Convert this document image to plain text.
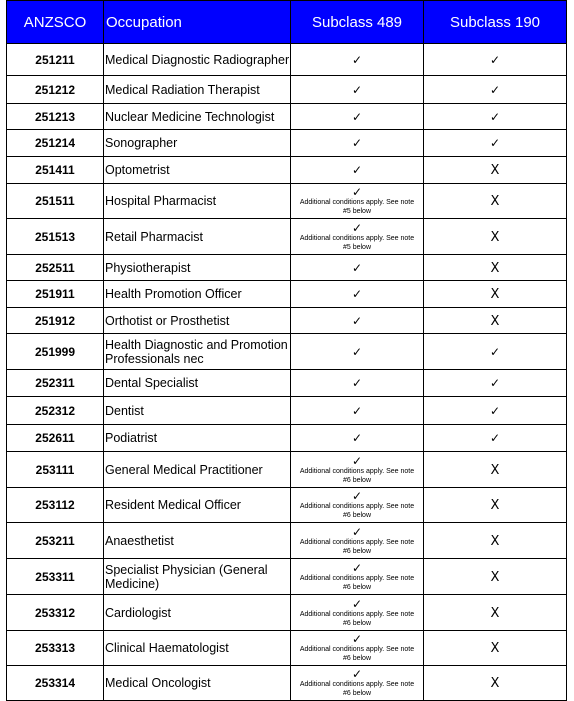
ANZSCO	Occupation	Subclass 489	Subclass 190
251211	Medical Diagnostic Radiographer	✓	✓

251212	Medical Radiation Therapist	✓	✓

251213	Nuclear Medicine Technologist	✓	✓

251214	Sonographer	✓	✓

251411	Optometrist	✓	X
251511	Hospital Pharmacist	✓
Additional conditions apply. See note
#5 below	X
251513	Retail Pharmacist	✓
Additional conditions apply. See note
#5 below	X
252511	Physiotherapist	✓	X
251911	Health Promotion Officer	✓	X
251912	Orthotist or Prosthetist	✓	X
251999	Health Diagnostic and Promotion Professionals nec	✓	✓

252311	Dental Specialist	✓	✓

252312	Dentist	✓	✓

252611	Podiatrist	✓	✓

253111	General Medical Practitioner	✓
Additional conditions apply. See note
#6 below	X
253112	Resident Medical Officer	✓
Additional conditions apply. See note
#6 below	X
253211	Anaesthetist	✓
Additional conditions apply. See note
#6 below	X
253311	Specialist Physician (General Medicine)	✓
Additional conditions apply. See note
#6 below	X
253312	Cardiologist	✓
Additional conditions apply. See note
#6 below	X
253313	Clinical Haematologist	✓
Additional conditions apply. See note
#6 below	X
253314	Medical Oncologist	✓
Additional conditions apply. See note
#6 below	X
